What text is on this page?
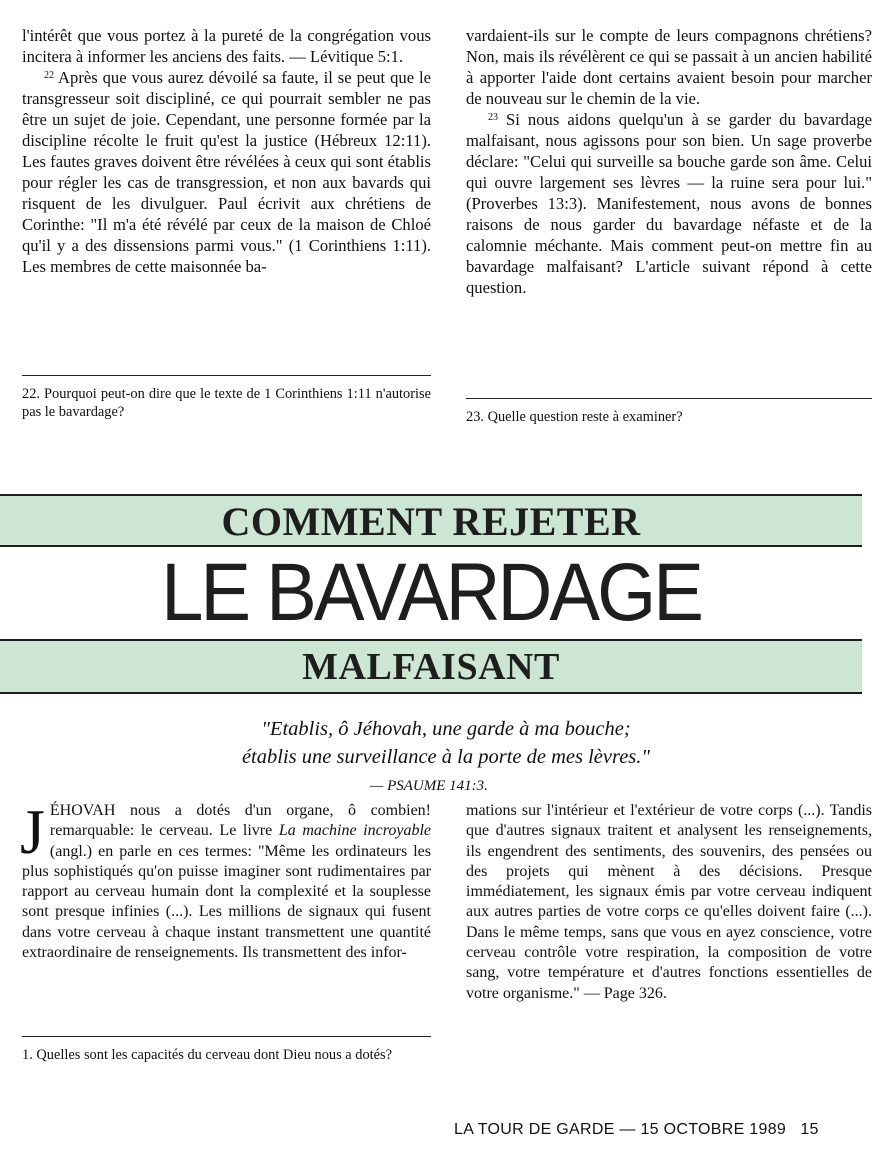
l'intérêt que vous portez à la pureté de la congrégation vous incitera à informer les anciens des faits. — Lévitique 5:1.

$^{22}$ Après que vous aurez dévoilé sa faute, il se peut que le transgresseur soit discipliné, ce qui pourrait sembler ne pas être un sujet de joie. Cependant, une personne formée par la discipline récolte le fruit qu'est la justice (Hébreux 12:11). Les fautes graves doivent être révélées à ceux qui sont établis pour régler les cas de transgression, et non aux bavards qui risquent de les divulguer. Paul écrivit aux chrétiens de Corinthe: "Il m'a été révélé par ceux de la maison de Chloé qu'il y a des dissensions parmi vous." (1 Corinthiens 1:11). Les membres de cette maisonnée ba-

22. Pourquoi peut-on dire que le texte de 1 Corinthiens 1:11 n'autorise pas le bavardage?

vardaient-ils sur le compte de leurs compagnons chrétiens? Non, mais ils révélèrent ce qui se passait à un ancien habilité à apporter l'aide dont certains avaient besoin pour marcher de nouveau sur le chemin de la vie.

$^{23}$ Si nous aidons quelqu'un à se garder du bavardage malfaisant, nous agissons pour son bien. Un sage proverbe déclare: "Celui qui surveille sa bouche garde son âme. Celui qui ouvre largement ses lèvres — la ruine sera pour lui." (Proverbes 13:3). Manifestement, nous avons de bonnes raisons de nous garder du bavardage néfaste et de la calomnie méchante. Mais comment peut-on mettre fin au bavardage malfaisant? L'article suivant répond à cette question.

23. Quelle question reste à examiner?
COMMENT REJETER
LE BAVARDAGE
MALFAISANT
"Etablis, ô Jéhovah, une garde à ma bouche;
établis une surveillance à la porte de mes lèvres."
— PSAUME 141:3.

JÉHOVAH nous a dotés d'un organe, ô combien! remarquable: le cerveau. Le livre La machine incroyable (angl.) en parle en ces termes: "Même les ordinateurs les plus sophistiqués qu'on puisse imaginer sont rudimentaires par rapport au cerveau humain dont la complexité et la souplesse sont presque infinies (...). Les millions de signaux qui fusent dans votre cerveau à chaque instant transmettent une quantité extraordinaire de renseignements. Ils transmettent des infor-

1. Quelles sont les capacités du cerveau dont Dieu nous a dotés?

mations sur l'intérieur et l'extérieur de votre corps (...). Tandis que d'autres signaux traitent et analysent les renseignements, ils engendrent des sentiments, des souvenirs, des pensées ou des projets qui mènent à des décisions. Presque immédiatement, les signaux émis par votre cerveau indiquent aux autres parties de votre corps ce qu'elles doivent faire (...). Dans le même temps, sans que vous en ayez conscience, votre cerveau contrôle votre respiration, la composition de votre sang, votre température et d'autres fonctions essentielles de votre organisme." — Page 326.

LA TOUR DE GARDE — 15 OCTOBRE 1989 15
